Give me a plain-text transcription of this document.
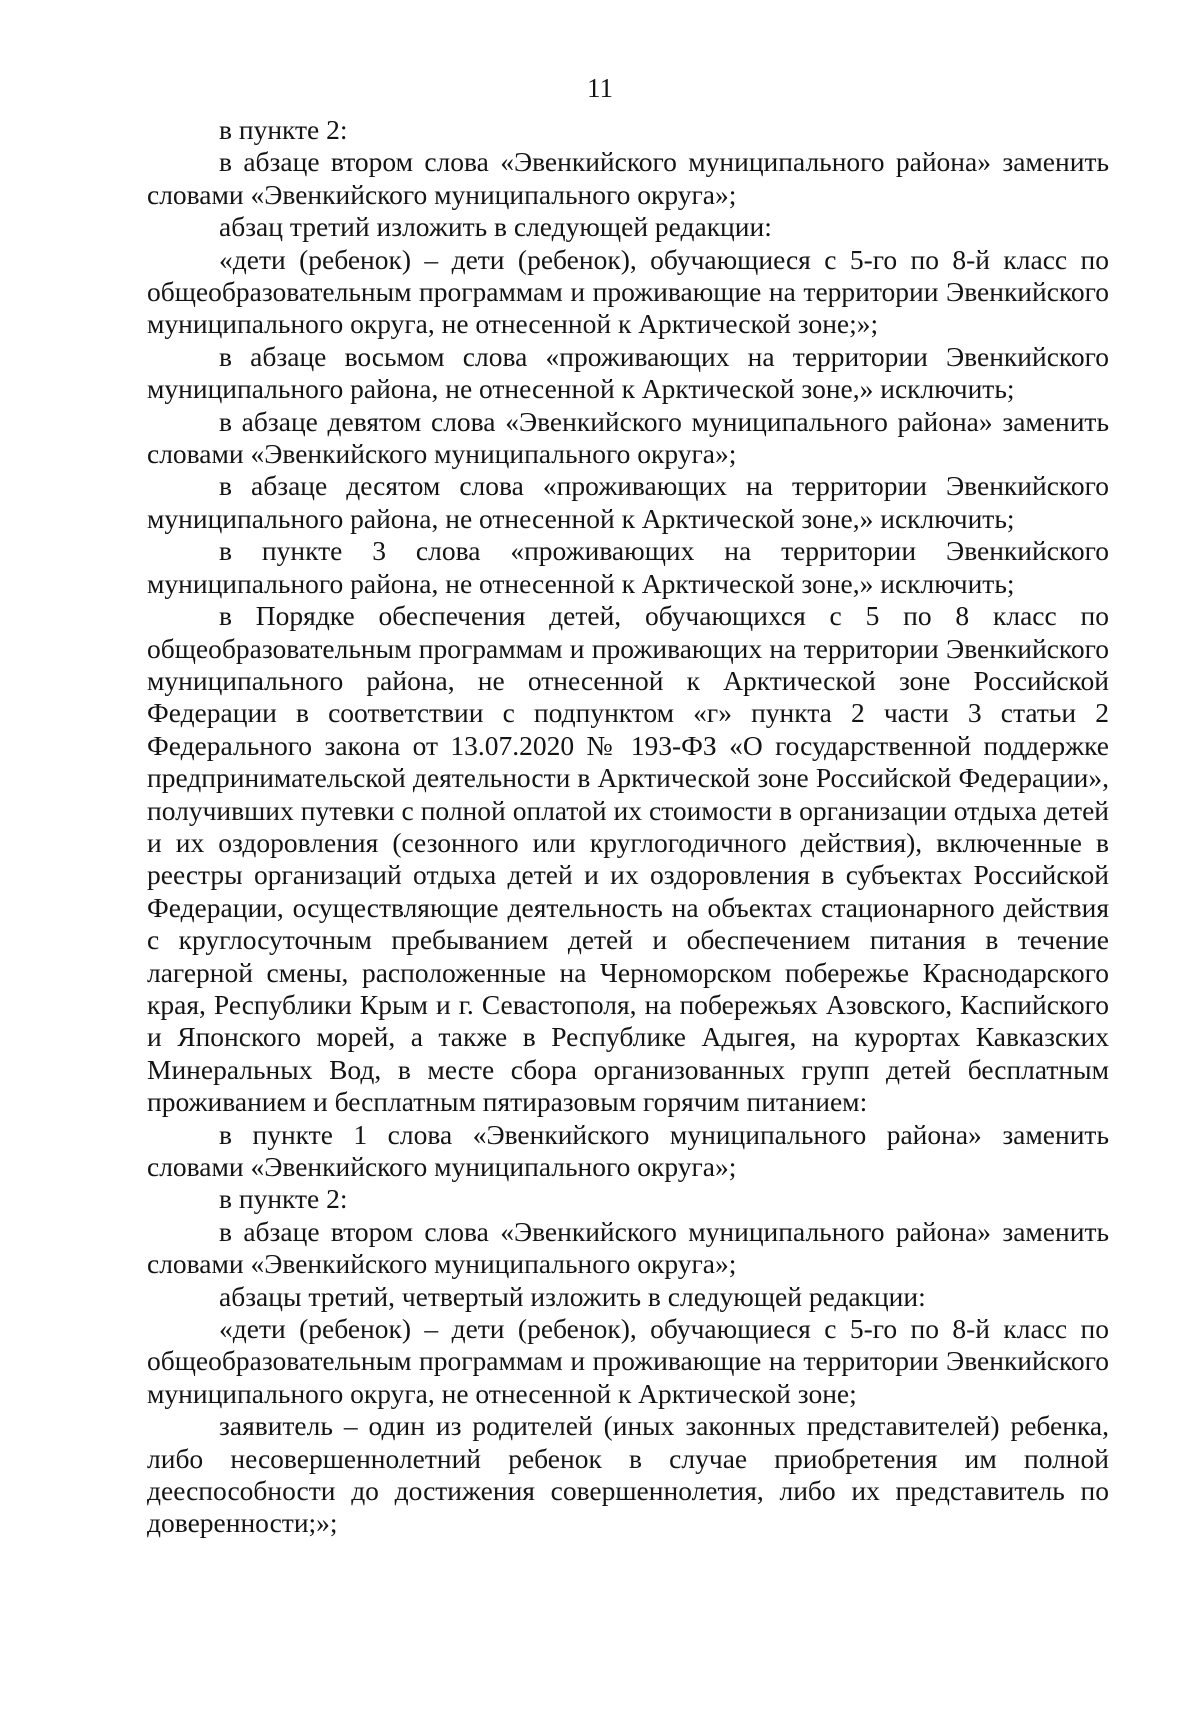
11

в пункте 2:

в абзаце втором слова «Эвенкийского муниципального района» заменить словами «Эвенкийского муниципального округа»;

абзац третий изложить в следующей редакции:

«дети (ребенок) – дети (ребенок), обучающиеся с 5-го по 8-й класс по общеобразовательным программам и проживающие на территории Эвенкийского муниципального округа, не отнесенной к Арктической зоне;»;

в абзаце восьмом слова «проживающих на территории Эвенкийского муниципального района, не отнесенной к Арктической зоне,» исключить;

в абзаце девятом слова «Эвенкийского муниципального района» заменить словами «Эвенкийского муниципального округа»;

в абзаце десятом слова «проживающих на территории Эвенкийского муниципального района, не отнесенной к Арктической зоне,» исключить;

в пункте 3 слова «проживающих на территории Эвенкийского муниципального района, не отнесенной к Арктической зоне,» исключить;

в Порядке обеспечения детей, обучающихся с 5 по 8 класс по общеобразовательным программам и проживающих на территории Эвенкийского муниципального района, не отнесенной к Арктической зоне Российской Федерации в соответствии с подпунктом «г» пункта 2 части 3 статьи 2 Федерального закона от 13.07.2020 № 193-ФЗ «О государственной поддержке предпринимательской деятельности в Арктической зоне Российской Федерации», получивших путевки с полной оплатой их стоимости в организации отдыха детей и их оздоровления (сезонного или круглогодичного действия), включенные в реестры организаций отдыха детей и их оздоровления в субъектах Российской Федерации, осуществляющие деятельность на объектах стационарного действия с круглосуточным пребыванием детей и обеспечением питания в течение лагерной смены, расположенные на Черноморском побережье Краснодарского края, Республики Крым и г. Севастополя, на побережьях Азовского, Каспийского и Японского морей, а также в Республике Адыгея, на курортах Кавказских Минеральных Вод, в месте сбора организованных групп детей бесплатным проживанием и бесплатным пятиразовым горячим питанием:

в пункте 1 слова «Эвенкийского муниципального района» заменить словами «Эвенкийского муниципального округа»;

в пункте 2:

в абзаце втором слова «Эвенкийского муниципального района» заменить словами «Эвенкийского муниципального округа»;

абзацы третий, четвертый изложить в следующей редакции:

«дети (ребенок) – дети (ребенок), обучающиеся с 5-го по 8-й класс по общеобразовательным программам и проживающие на территории Эвенкийского муниципального округа, не отнесенной к Арктической зоне;

заявитель – один из родителей (иных законных представителей) ребенка, либо несовершеннолетний ребенок в случае приобретения им полной дееспособности до достижения совершеннолетия, либо их представитель по доверенности;»;
